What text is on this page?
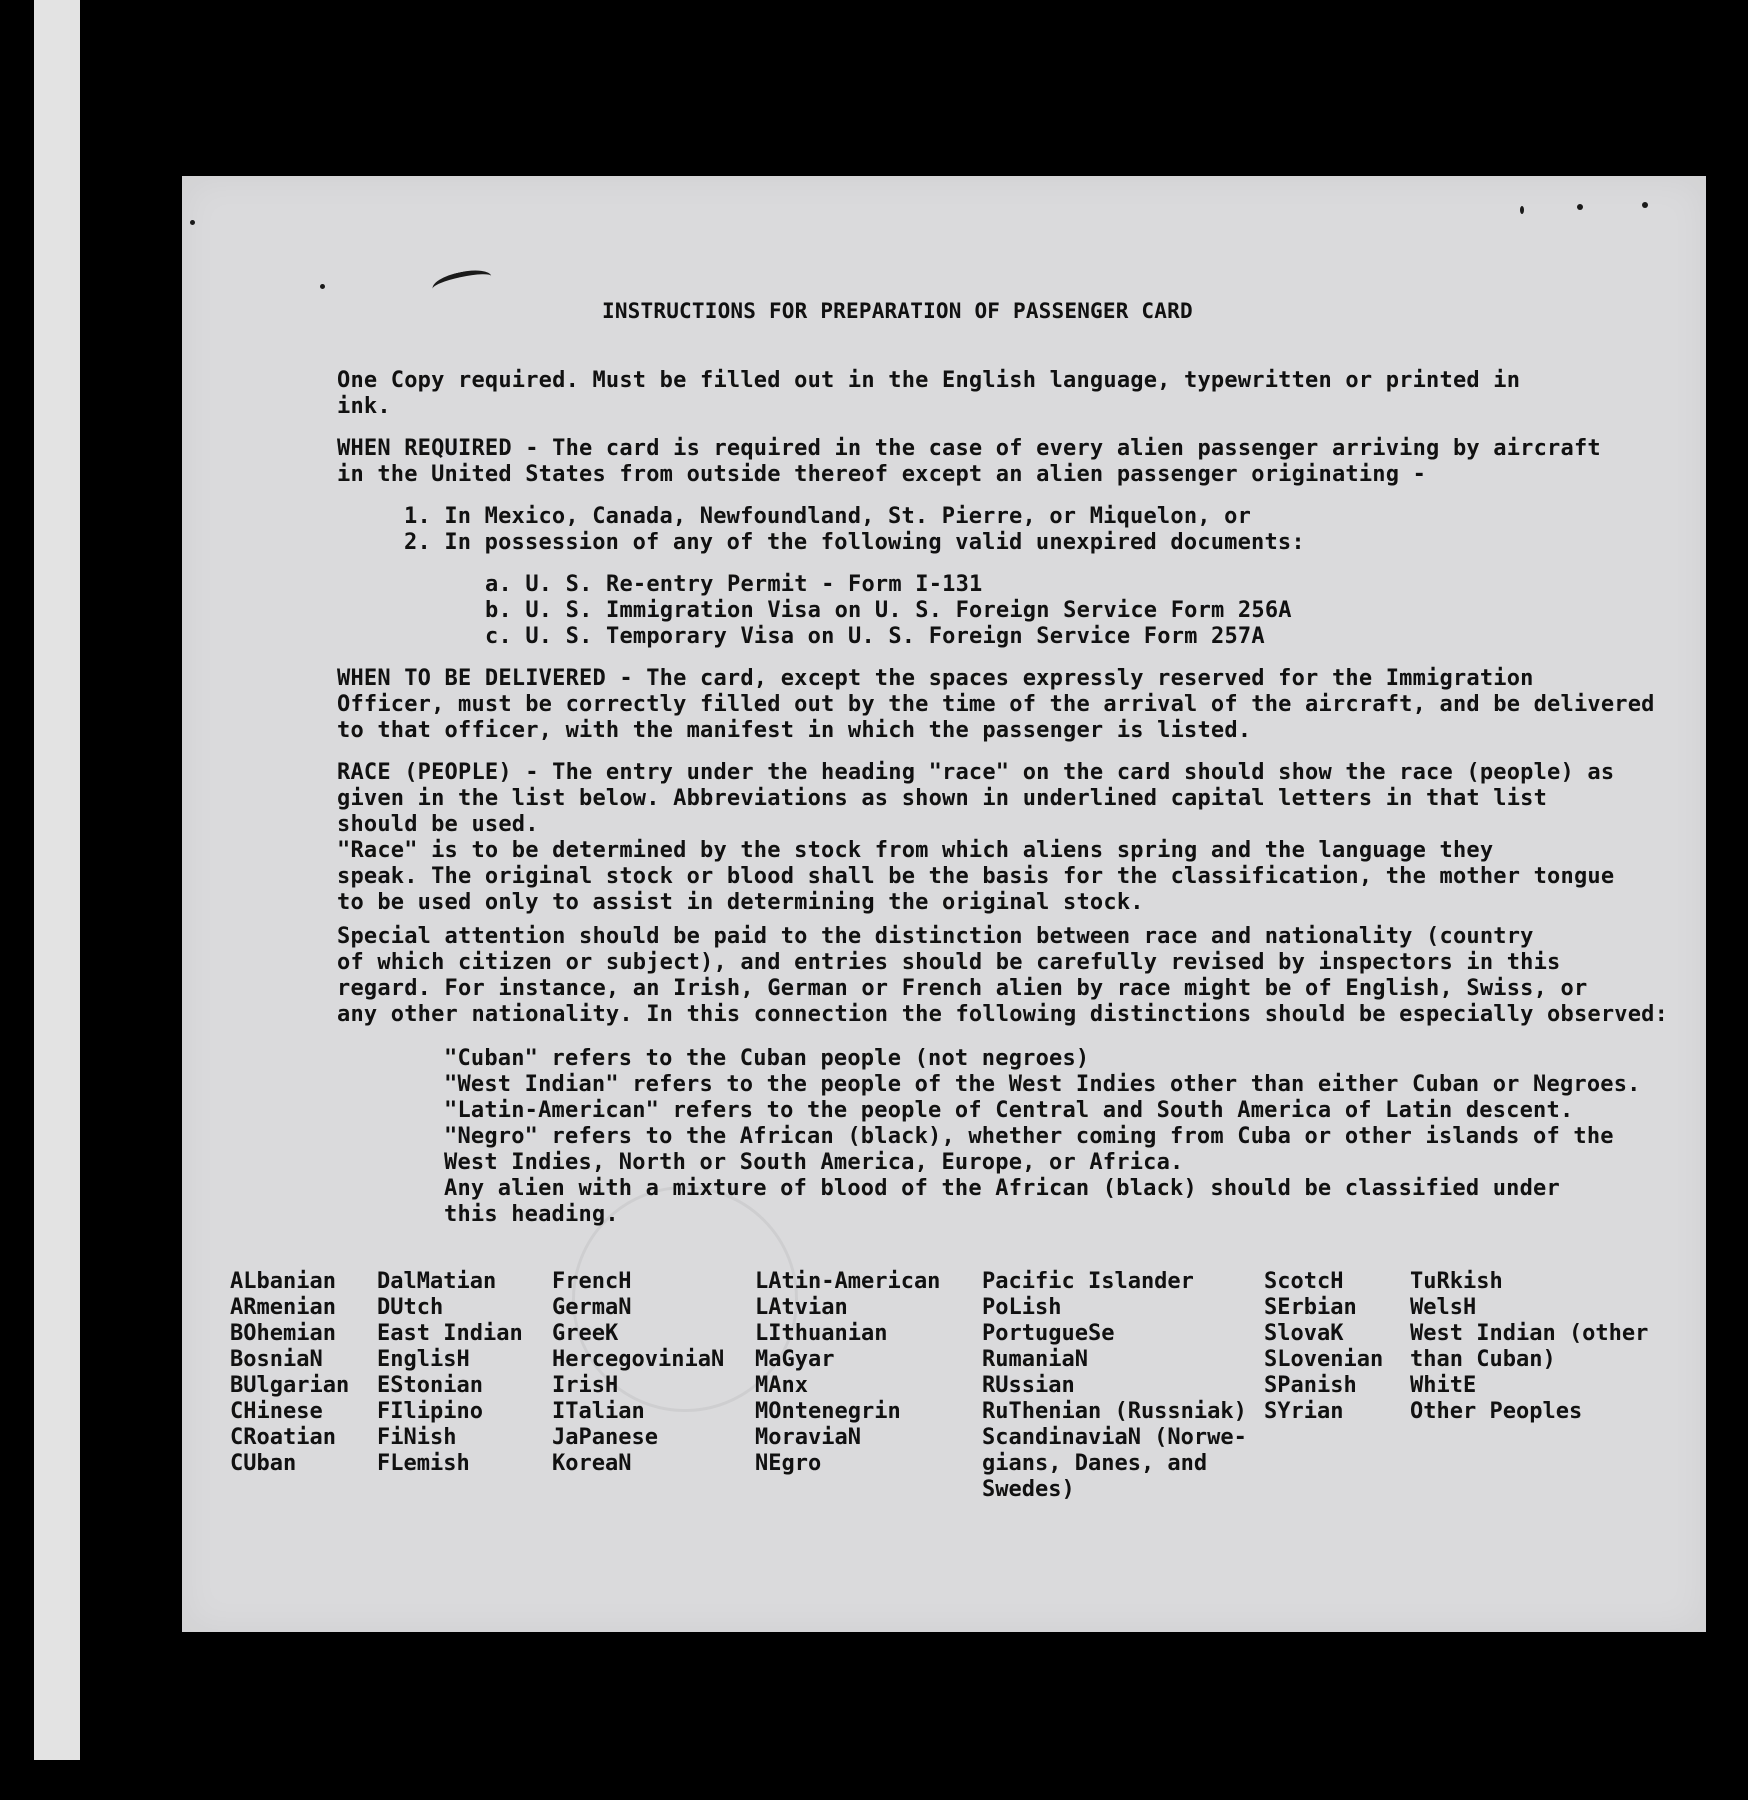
INSTRUCTIONS FOR PREPARATION OF PASSENGER CARD
One Copy required. Must be filled out in the English language, typewritten or printed in
ink.
WHEN REQUIRED - The card is required in the case of every alien passenger arriving by aircraft
in the United States from outside thereof except an alien passenger originating -
1. In Mexico, Canada, Newfoundland, St. Pierre, or Miquelon, or
2. In possession of any of the following valid unexpired documents:
a. U. S. Re-entry Permit - Form I-131
b. U. S. Immigration Visa on U. S. Foreign Service Form 256A
c. U. S. Temporary Visa on U. S. Foreign Service Form 257A
WHEN TO BE DELIVERED - The card, except the spaces expressly reserved for the Immigration
Officer, must be correctly filled out by the time of the arrival of the aircraft, and be delivered
to that officer, with the manifest in which the passenger is listed.
RACE (PEOPLE) - The entry under the heading "race" on the card should show the race (people) as
given in the list below. Abbreviations as shown in underlined capital letters in that list
should be used.
"Race" is to be determined by the stock from which aliens spring and the language they
speak. The original stock or blood shall be the basis for the classification, the mother tongue
to be used only to assist in determining the original stock.
Special attention should be paid to the distinction between race and nationality (country
of which citizen or subject), and entries should be carefully revised by inspectors in this
regard. For instance, an Irish, German or French alien by race might be of English, Swiss, or
any other nationality. In this connection the following distinctions should be especially observed:
"Cuban" refers to the Cuban people (not negroes)
"West Indian" refers to the people of the West Indies other than either Cuban or Negroes.
"Latin-American" refers to the people of Central and South America of Latin descent.
"Negro" refers to the African (black), whether coming from Cuba or other islands of the
West Indies, North or South America, Europe, or Africa.
Any alien with a mixture of blood of the African (black) should be classified under
this heading.
ALbanian
ARmenian
BOhemian
BosniaN
BUlgarian
CHinese
CRoatian
CUban
DalMatian
DUtch
East Indian
EnglisH
EStonian
FIlipino
FiNish
FLemish
FrencH
GermaN
GreeK
HercegoviniaN
IrisH
ITalian
JaPanese
KoreaN
LAtin-American
LAtvian
LIthuanian
MaGyar
MAnx
MOntenegrin
MoraviaN
NEgro
Pacific Islander
PoLish
PortugueSe
RumaniaN
RUssian
RuThenian (Russniak)
ScandinaviaN (Norwe-
gians, Danes, and
Swedes)
ScotcH
SErbian
SlovaK
SLovenian
SPanish
SYrian
TuRkish
WelsH
West Indian (other
than Cuban)
WhitE
Other Peoples
